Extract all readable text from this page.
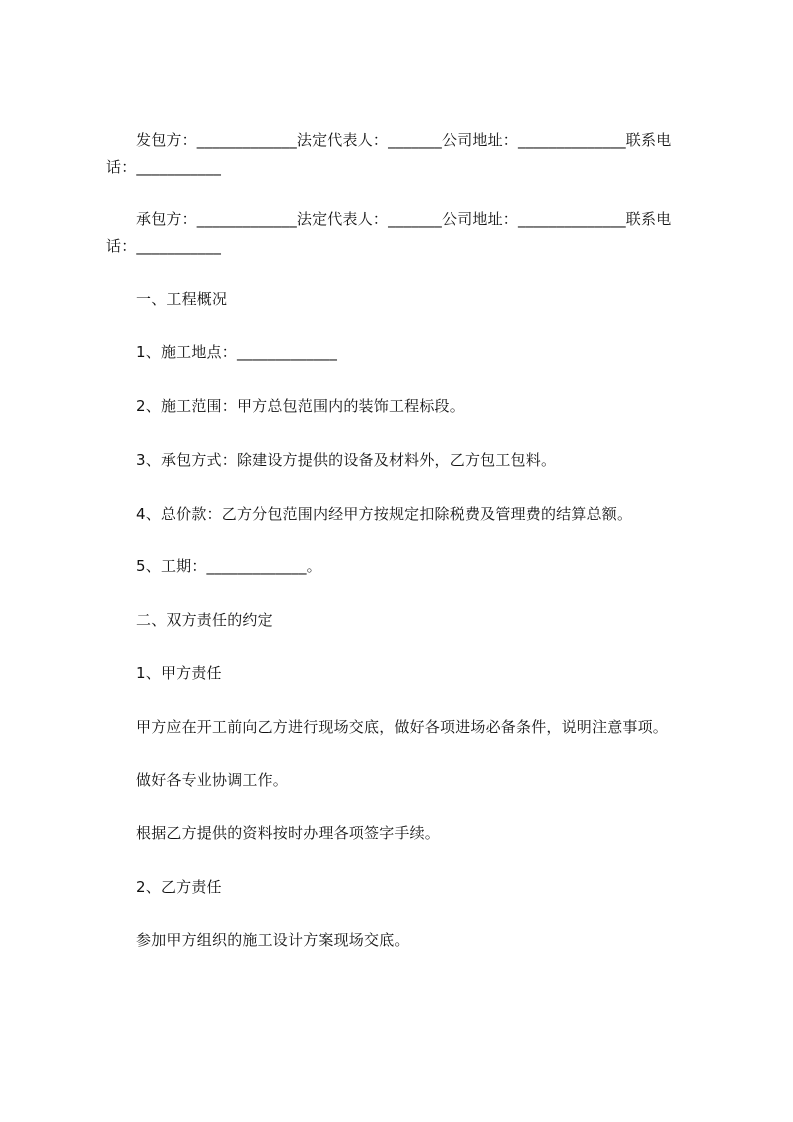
发包方：_____________法定代表人：_______公司地址：______________联系电
话：___________
承包方：_____________法定代表人：_______公司地址：______________联系电
话：___________

一、工程概况

1、施工地点：_____________

2、施工范围：甲方总包范围内的装饰工程标段。

3、承包方式：除建设方提供的设备及材料外，乙方包工包料。

4、总价款：乙方分包范围内经甲方按规定扣除税费及管理费的结算总额。

5、工期：_____________。

二、双方责任的约定

1、甲方责任

甲方应在开工前向乙方进行现场交底，做好各项进场必备条件，说明注意事项。

做好各专业协调工作。

根据乙方提供的资料按时办理各项签字手续。

2、乙方责任

参加甲方组织的施工设计方案现场交底。
